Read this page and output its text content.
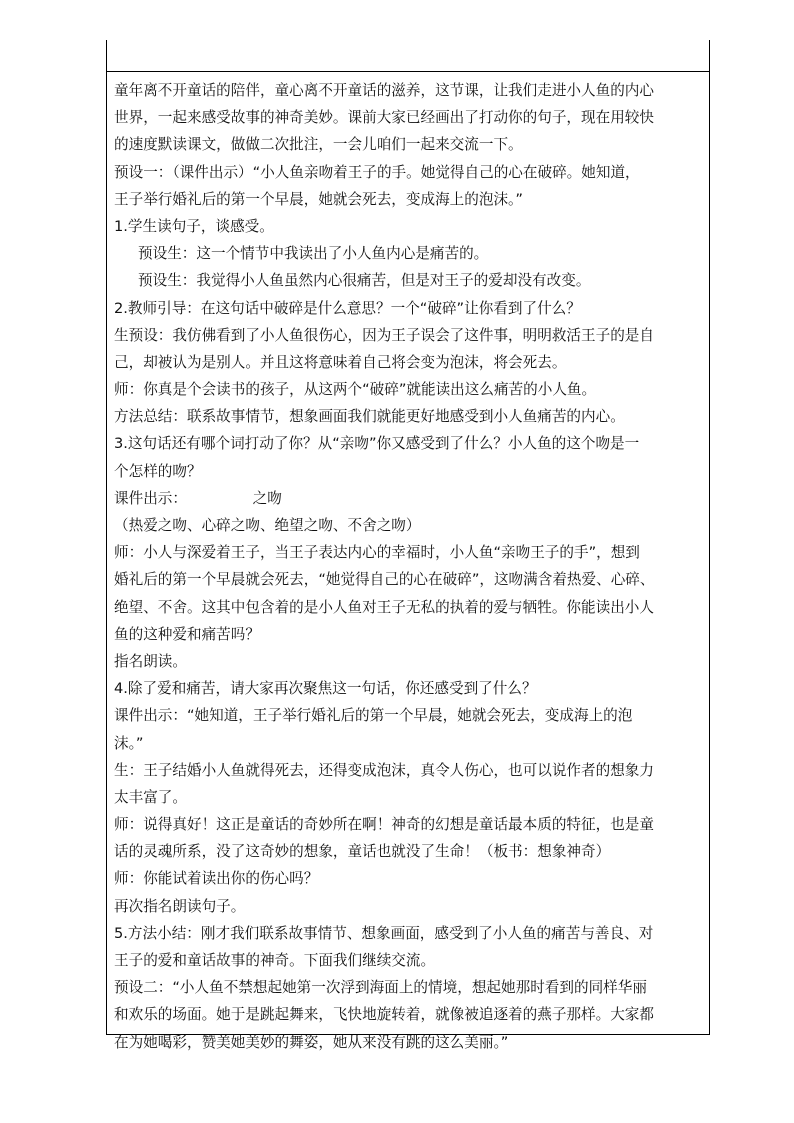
童年离不开童话的陪伴，童心离不开童话的滋养，这节课，让我们走进小人鱼的内心
世界，一起来感受故事的神奇美妙。课前大家已经画出了打动你的句子，现在用较快
的速度默读课文，做做二次批注，一会儿咱们一起来交流一下。
预设一：（课件出示）“小人鱼亲吻着王子的手。她觉得自己的心在破碎。她知道，
王子举行婚礼后的第一个早晨，她就会死去，变成海上的泡沫。”
1.学生读句子，谈感受。
预设生：这一个情节中我读出了小人鱼内心是痛苦的。
预设生：我觉得小人鱼虽然内心很痛苦，但是对王子的爱却没有改变。
2.教师引导：在这句话中破碎是什么意思？一个“破碎”让你看到了什么？
生预设：我仿佛看到了小人鱼很伤心，因为王子误会了这件事，明明救活王子的是自
己，却被认为是别人。并且这将意味着自己将会变为泡沫，将会死去。
师：你真是个会读书的孩子，从这两个“破碎”就能读出这么痛苦的小人鱼。
方法总结：联系故事情节，想象画面我们就能更好地感受到小人鱼痛苦的内心。
3.这句话还有哪个词打动了你？从“亲吻”你又感受到了什么？小人鱼的这个吻是一
个怎样的吻？
课件出示：　　　　　之吻
（热爱之吻、心碎之吻、绝望之吻、不舍之吻）
师：小人与深爱着王子，当王子表达内心的幸福时，小人鱼“亲吻王子的手”，想到
婚礼后的第一个早晨就会死去，“她觉得自己的心在破碎”，这吻满含着热爱、心碎、
绝望、不舍。这其中包含着的是小人鱼对王子无私的执着的爱与牺牲。你能读出小人
鱼的这种爱和痛苦吗？
指名朗读。
4.除了爱和痛苦，请大家再次聚焦这一句话，你还感受到了什么？
课件出示：“她知道，王子举行婚礼后的第一个早晨，她就会死去，变成海上的泡
沫。”
生：王子结婚小人鱼就得死去，还得变成泡沫，真令人伤心，也可以说作者的想象力
太丰富了。
师：说得真好！这正是童话的奇妙所在啊！神奇的幻想是童话最本质的特征，也是童
话的灵魂所系，没了这奇妙的想象，童话也就没了生命！（板书：想象神奇）
师：你能试着读出你的伤心吗？
再次指名朗读句子。
5.方法小结：刚才我们联系故事情节、想象画面，感受到了小人鱼的痛苦与善良、对
王子的爱和童话故事的神奇。下面我们继续交流。
预设二：“小人鱼不禁想起她第一次浮到海面上的情境，想起她那时看到的同样华丽
和欢乐的场面。她于是跳起舞来，飞快地旋转着，就像被追逐着的燕子那样。大家都
在为她喝彩，赞美她美妙的舞姿，她从来没有跳的这么美丽。”
